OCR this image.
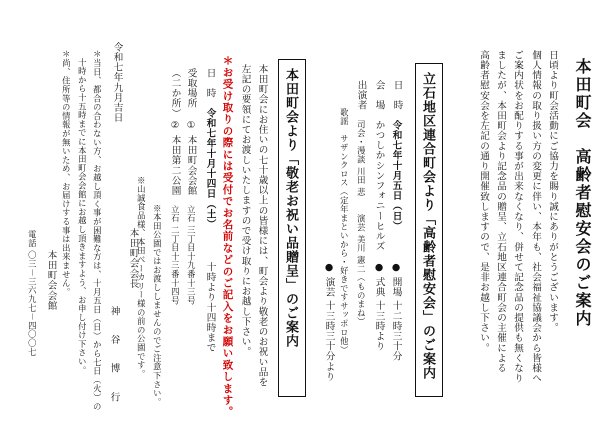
本田町会　高齢者慰安会のご案内
日頃より町会活動にご協力を賜り誠にありがとうございます。
個人情報の取り扱い方の変更に伴い、本年も、社会福祉協議会から皆様へ
ご案内状をお配りする事が出来なくなり、併せて記念品の提供も無くなり
ましたが、本田町会より記念品の贈呈、立石地区連合町会の主催による
高齢者慰安会を左記の通り開催致しますので、是非お越し下さい。
立石地区連合町会より「高齢者慰安会」のご案内
日　時
会　場
出演者
令和七年十月五日（日）
かつしかシンフォニーヒルズ
司会・漫談 川田 悲　　演芸 美川 憲二（ものまね）
歌謡　サザンクロス（定年まといから・好きですサッポロ他）	● 開場 十二時三十分
● 式典 十三時より
● 演芸 十三時三十分より
本田町会より「敬老お祝い品贈呈」のご案内
本田町会にお住いの七十歳以上の皆様には、町会より敬老のお祝い品を
左記の要領にてお渡しいたしますので受け取りにお越し下さい。
＊お受け取りの際には受付でお名前などのご記入をお願い致します。
日　時
令和七年十月十四日（土）
十時より十四時まで
受取場所
（二か所）
① 本田町会会館
立石 三丁目十九番十三号
② 本田第二公園
立石 二丁目十三番十四号
※本田公園ではお渡ししませんのでご注意下さい。
※山誠食品様、本田ベーカリー様の前の公園です。
令和七年九月吉日
＊当日、都合の合わない方、お越し頂く事が困難な方は、十月五日（日）から七日（火）の
十時から十五時までに本田町会会館にお越し頂きますよう、お申し付け下さい。
＊尚、住所等の情報が無いため、お届けする事は出来ません。	本田町会会長
神 谷 博 行
本田町会会館
電話 〇三－三六九七－四〇〇七
